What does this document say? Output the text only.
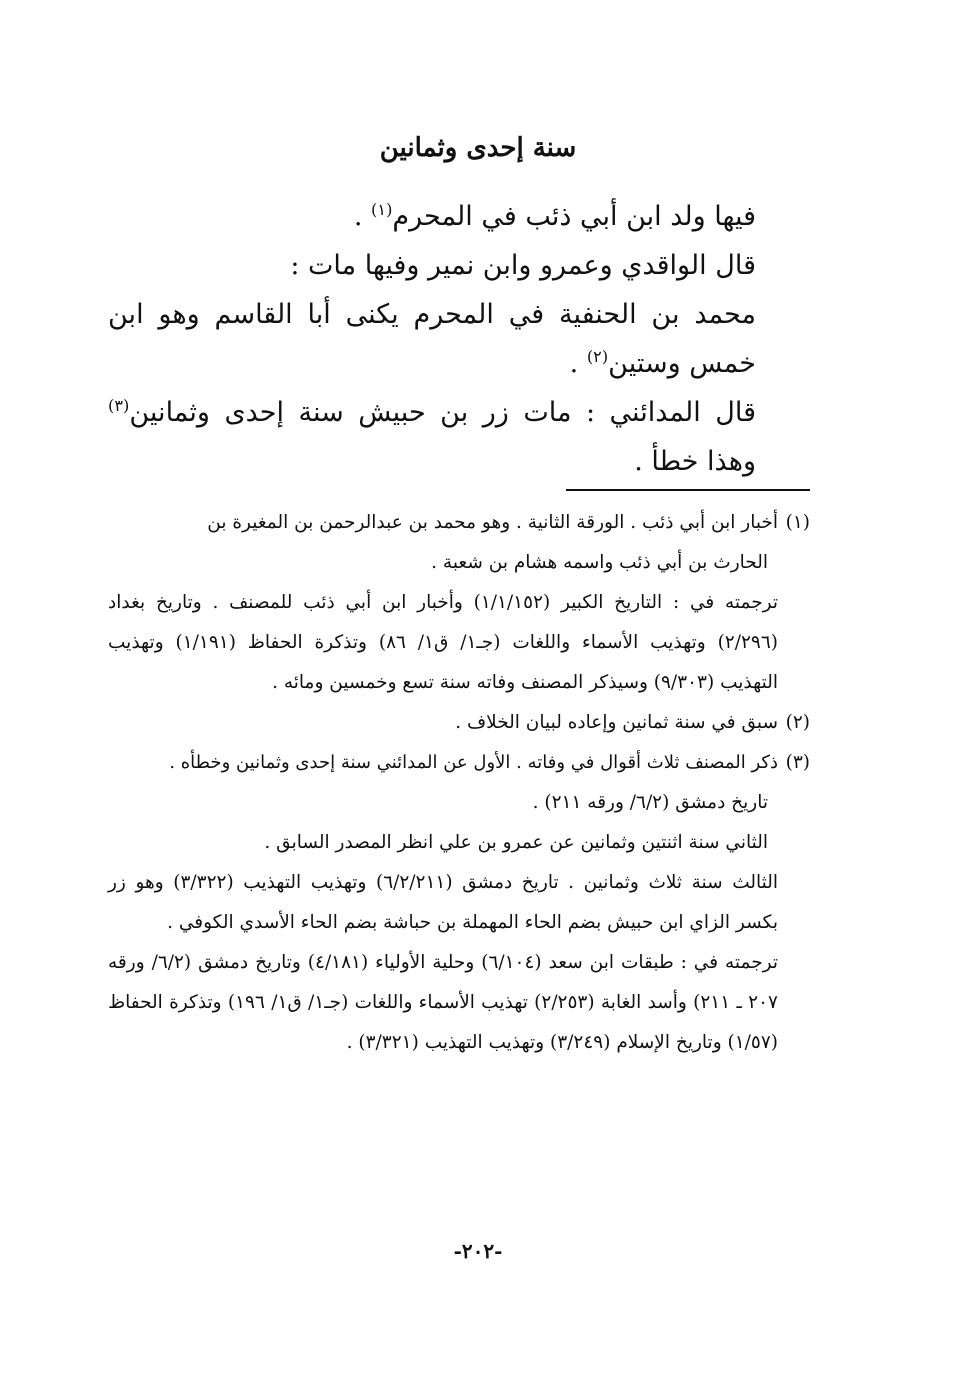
سنة إحدى وثمانين

فيها ولد ابن أبي ذئب في المحرم$^{(١)}$ .

قال الواقدي وعمرو وابن نمير وفيها مات :

محمد بن الحنفية في المحرم يكنى أبا القاسم وهو ابن خمس وستين$^{(٢)}$ .

قال المدائني : مات زر بن حبيش سنة إحدى وثمانين$^{(٣)}$ وهذا خطأ .

(١)

أخبار ابن أبي ذئب . الورقة الثانية . وهو محمد بن عبدالرحمن بن المغيرة بن

الحارث بن أبي ذئب واسمه هشام بن شعبة .

ترجمته في : التاريخ الكبير (١/١/١٥٢) وأخبار ابن أبي ذئب للمصنف . وتاريخ بغداد (٢/٢٩٦) وتهذيب الأسماء واللغات (جـ١/ ق١/ ٨٦) وتذكرة الحفاظ (١/١٩١) وتهذيب التهذيب (٩/٣٠٣) وسيذكر المصنف وفاته سنة تسع وخمسين ومائه .

(٢)

سبق في سنة ثمانين وإعاده لبيان الخلاف .

(٣)

ذكر المصنف ثلاث أقوال في وفاته . الأول عن المدائني سنة إحدى وثمانين وخطأه .

تاريخ دمشق (٦/٢/ ورقه ٢١١) .

الثاني سنة اثنتين وثمانين عن عمرو بن علي انظر المصدر السابق .

الثالث سنة ثلاث وثمانين . تاريخ دمشق (٦/٢/٢١١) وتهذيب التهذيب (٣/٣٢٢) وهو زر بكسر الزاي ابن حبيش بضم الحاء المهملة بن حباشة بضم الحاء الأسدي الكوفي .

ترجمته في : طبقات ابن سعد (٦/١٠٤) وحلية الأولياء (٤/١٨١) وتاريخ دمشق (٦/٢/ ورقه ٢٠٧ ـ ٢١١) وأسد الغابة (٢/٢٥٣) تهذيب الأسماء واللغات (جـ١/ ق١/ ١٩٦) وتذكرة الحفاظ (١/٥٧) وتاريخ الإسلام (٣/٢٤٩) وتهذيب التهذيب (٣/٣٢١) .

-٢٠٢-
